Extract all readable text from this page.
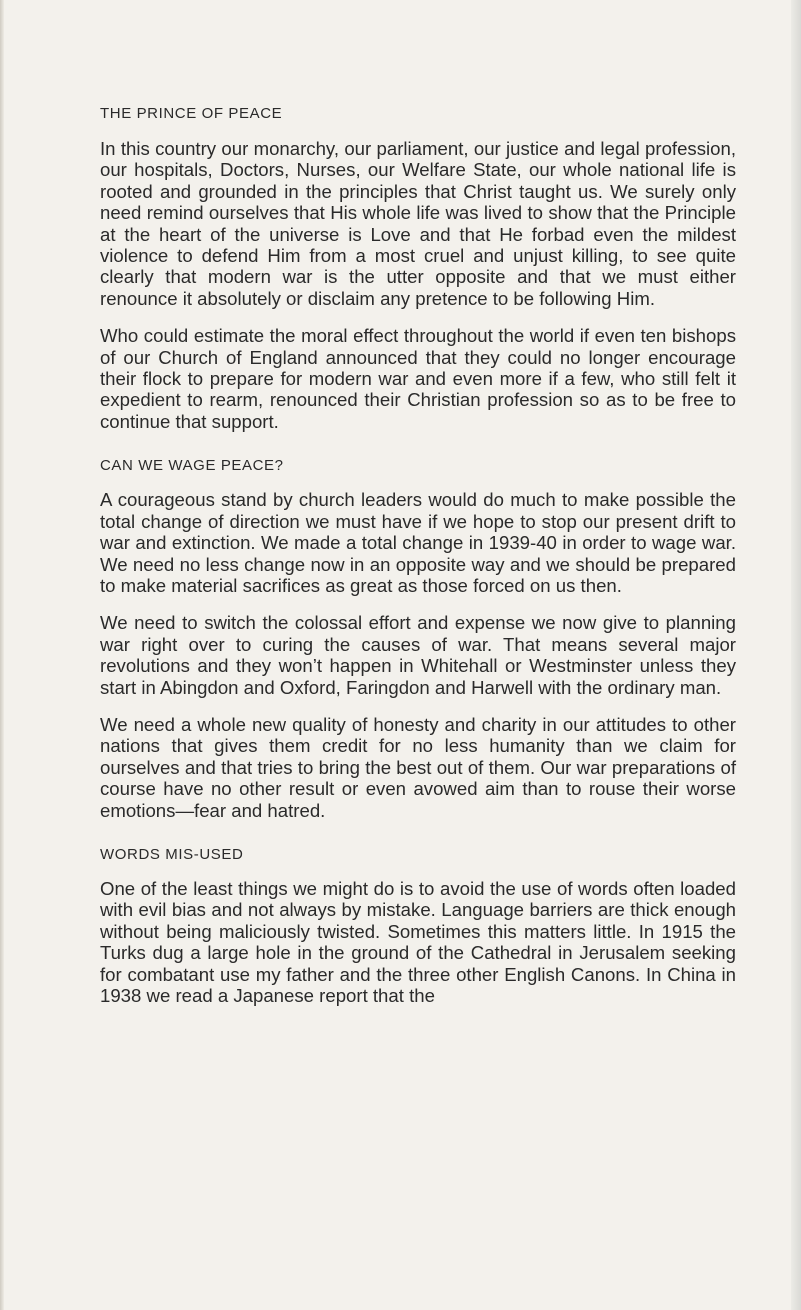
THE PRINCE OF PEACE

In this country our monarchy, our parliament, our justice and legal profession, our hospitals, Doctors, Nurses, our Welfare State, our whole national life is rooted and grounded in the principles that Christ taught us. We surely only need remind ourselves that His whole life was lived to show that the Principle at the heart of the universe is Love and that He forbad even the mildest violence to defend Him from a most cruel and unjust killing, to see quite clearly that modern war is the utter opposite and that we must either renounce it absolutely or disclaim any pretence to be following Him.

Who could estimate the moral effect throughout the world if even ten bishops of our Church of England announced that they could no longer encourage their flock to prepare for modern war and even more if a few, who still felt it expedient to rearm, renounced their Christian profession so as to be free to continue that support.

CAN WE WAGE PEACE?

A courageous stand by church leaders would do much to make possible the total change of direction we must have if we hope to stop our present drift to war and extinction. We made a total change in 1939-40 in order to wage war. We need no less change now in an opposite way and we should be prepared to make material sacrifices as great as those forced on us then.

We need to switch the colossal effort and expense we now give to planning war right over to curing the causes of war. That means several major revolutions and they won’t happen in Whitehall or Westminster unless they start in Abingdon and Oxford, Faringdon and Harwell with the ordinary man.

We need a whole new quality of honesty and charity in our attitudes to other nations that gives them credit for no less humanity than we claim for ourselves and that tries to bring the best out of them. Our war preparations of course have no other result or even avowed aim than to rouse their worse emotions—fear and hatred.

WORDS MIS-USED

One of the least things we might do is to avoid the use of words often loaded with evil bias and not always by mistake. Language barriers are thick enough without being maliciously twisted. Sometimes this matters little. In 1915 the Turks dug a large hole in the ground of the Cathedral in Jerusalem seeking for combatant use my father and the three other English Canons. In China in 1938 we read a Japanese report that the
